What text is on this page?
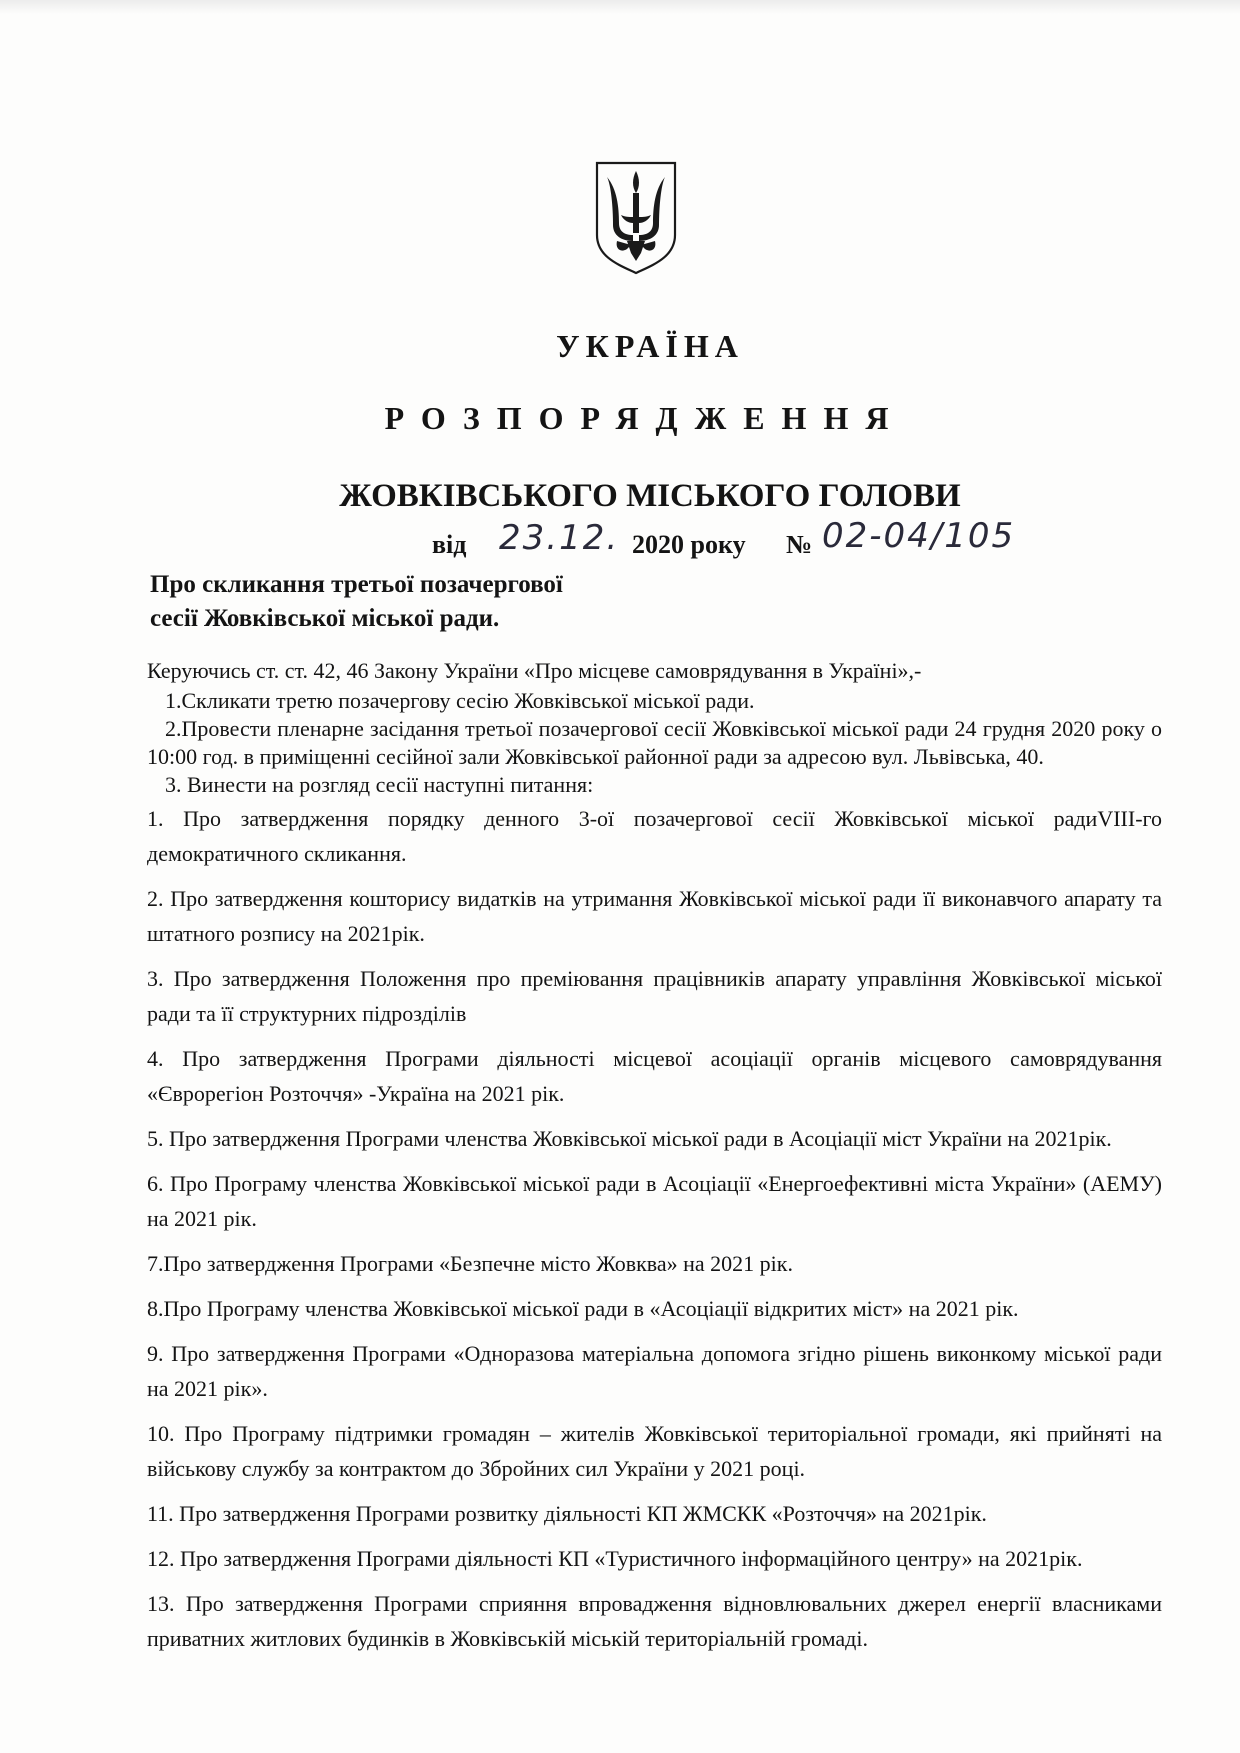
УКРАЇНА
РОЗПОРЯДЖЕННЯ
ЖОВКІВСЬКОГО МІСЬКОГО ГОЛОВИ
від 23.12. 2020 року № 02-04/105
Про скликання третьої позачергової
сесії Жовківської міської ради.
Керуючись ст. ст. 42, 46 Закону України «Про місцеве самоврядування в Україні»,-
1.Скликати третю позачергову сесію Жовківської міської ради.
2.Провести пленарне засідання третьої позачергової сесії Жовківської міської ради 24 грудня 2020 року о 10:00 год. в приміщенні сесійної зали Жовківської районної ради за адресою вул. Львівська, 40.
3. Винести на розгляд сесії наступні питання:
1. Про затвердження порядку денного 3-ої позачергової сесії Жовківської міської радиVIII-го демократичного скликання.
2. Про затвердження кошторису видатків на утримання Жовківської міської ради її виконавчого апарату та штатного розпису на 2021рік.
3. Про затвердження Положення про преміювання працівників апарату управління Жовківської міської ради та її структурних підрозділів
4. Про затвердження Програми діяльності місцевої асоціації органів місцевого самоврядування «Єврорегіон Розточчя» -Україна на 2021 рік.
5. Про затвердження Програми членства Жовківської міської ради в Асоціації міст України на 2021рік.
6. Про Програму членства Жовківської міської ради в Асоціації «Енергоефективні міста України» (АЕМУ) на 2021 рік.
7.Про затвердження Програми «Безпечне місто Жовква» на 2021 рік.
8.Про Програму членства Жовківської міської ради в «Асоціації відкритих міст» на 2021 рік.
9. Про затвердження Програми «Одноразова матеріальна допомога згідно рішень виконкому міської ради на 2021 рік».
10. Про Програму підтримки громадян – жителів Жовківської територіальної громади, які прийняті на військову службу за контрактом до Збройних сил України у 2021 році.
11. Про затвердження Програми розвитку діяльності КП ЖМСКК «Розточчя» на 2021рік.
12. Про затвердження Програми діяльності КП «Туристичного інформаційного центру» на 2021рік.
13. Про затвердження Програми сприяння впровадження відновлювальних джерел енергії власниками приватних житлових будинків в Жовківській міській територіальній громаді.
